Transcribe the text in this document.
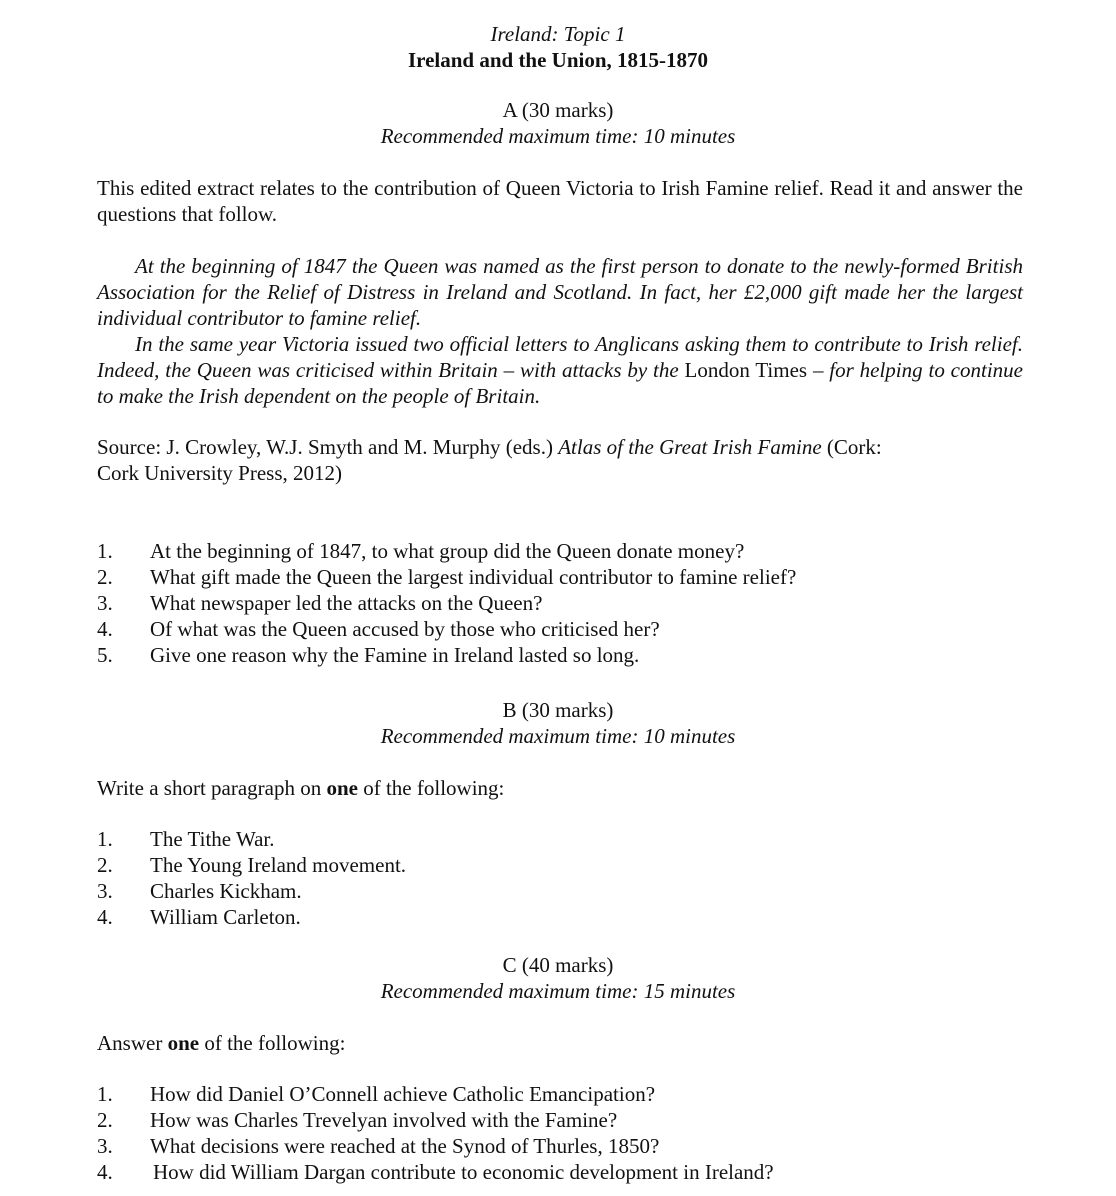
Ireland: Topic 1
Ireland and the Union, 1815-1870
A (30 marks)
Recommended maximum time: 10 minutes
This edited extract relates to the contribution of Queen Victoria to Irish Famine relief. Read it and answer the questions that follow.
At the beginning of 1847 the Queen was named as the first person to donate to the newly-formed British Association for the Relief of Distress in Ireland and Scotland. In fact, her £2,000 gift made her the largest individual contributor to famine relief.
In the same year Victoria issued two official letters to Anglicans asking them to contribute to Irish relief. Indeed, the Queen was criticised within Britain – with attacks by the London Times – for helping to continue to make the Irish dependent on the people of Britain.
Source: J. Crowley, W.J. Smyth and M. Murphy (eds.) Atlas of the Great Irish Famine (Cork:
Cork University Press, 2012)
1. At the beginning of 1847, to what group did the Queen donate money?
2. What gift made the Queen the largest individual contributor to famine relief?
3. What newspaper led the attacks on the Queen?
4. Of what was the Queen accused by those who criticised her?
5. Give one reason why the Famine in Ireland lasted so long.
B (30 marks)
Recommended maximum time: 10 minutes
Write a short paragraph on one of the following:
1. The Tithe War.
2. The Young Ireland movement.
3. Charles Kickham.
4. William Carleton.
C (40 marks)
Recommended maximum time: 15 minutes
Answer one of the following:
1. How did Daniel O’Connell achieve Catholic Emancipation?
2. How was Charles Trevelyan involved with the Famine?
3. What decisions were reached at the Synod of Thurles, 1850?
4. How did William Dargan contribute to economic development in Ireland?
